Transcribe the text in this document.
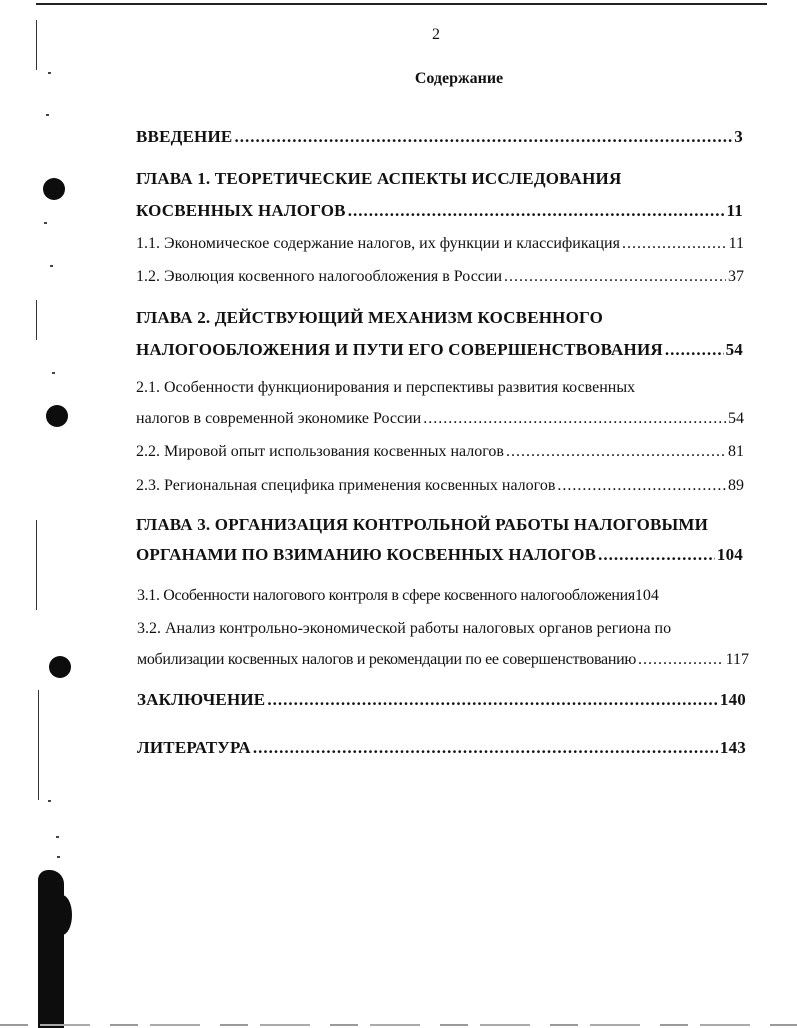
2
Содержание
ВВЕДЕНИЕ .....	3
ГЛАВА 1. ТЕОРЕТИЧЕСКИЕ АСПЕКТЫ ИССЛЕДОВАНИЯ
КОСВЕННЫХ НАЛОГОВ .....	11
1.1. Экономическое содержание налогов, их функции и классификация .....	11
1.2. Эволюция косвенного налогообложения в России .....	37
ГЛАВА 2. ДЕЙСТВУЮЩИЙ МЕХАНИЗМ КОСВЕННОГО
НАЛОГООБЛОЖЕНИЯ И ПУТИ ЕГО СОВЕРШЕНСТВОВАНИЯ .....	54
2.1. Особенности функционирования и перспективы развития косвенных
налогов в современной экономике России .....	54
2.2. Мировой опыт использования косвенных налогов .....	81
2.3. Региональная специфика применения косвенных налогов .....	89
ГЛАВА 3. ОРГАНИЗАЦИЯ КОНТРОЛЬНОЙ РАБОТЫ НАЛОГОВЫМИ
ОРГАНАМИ ПО ВЗИМАНИЮ КОСВЕННЫХ НАЛОГОВ .....	104
3.1. Особенности налогового контроля в сфере косвенного налогообложения 104
3.2. Анализ контрольно-экономической работы налоговых органов региона по
мобилизации косвенных налогов и рекомендации по ее совершенствованию .....	117
ЗАКЛЮЧЕНИЕ .....	140
ЛИТЕРАТУРА .....	143
